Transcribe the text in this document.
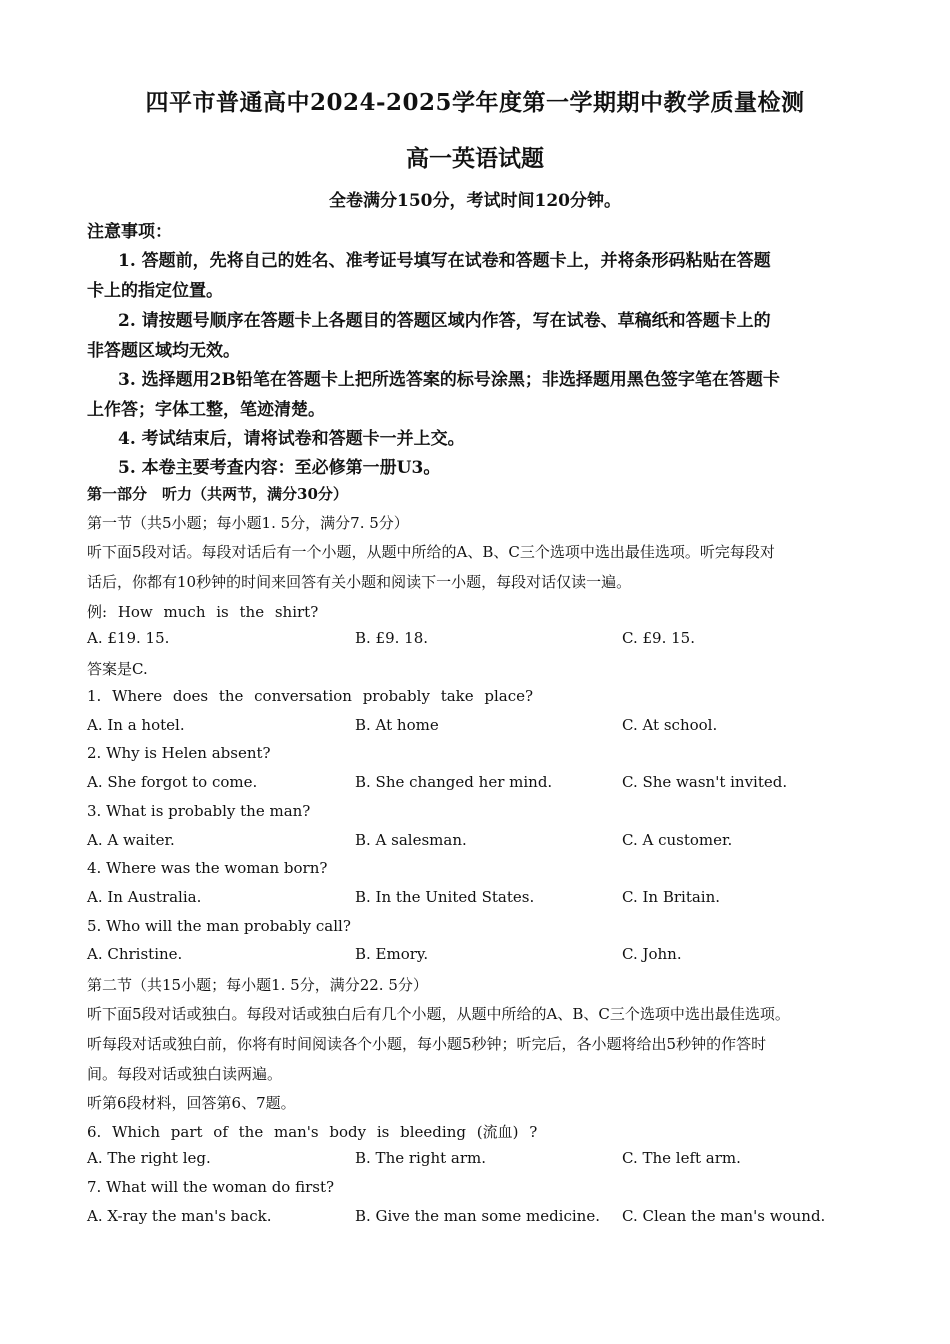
四平市普通高中2024-2025学年度第一学期期中教学质量检测
高一英语试题
全卷满分150分，考试时间120分钟。
注意事项：
1. 答题前，先将自己的姓名、准考证号填写在试卷和答题卡上，并将条形码粘贴在答题
卡上的指定位置。
2. 请按题号顺序在答题卡上各题目的答题区域内作答，写在试卷、草稿纸和答题卡上的
非答题区域均无效。
3. 选择题用2B铅笔在答题卡上把所选答案的标号涂黑；非选择题用黑色签字笔在答题卡
上作答；字体工整，笔迹清楚。
4. 考试结束后，请将试卷和答题卡一并上交。
5. 本卷主要考查内容：至必修第一册U3。
第一部分　听力（共两节，满分30分）
第一节（共5小题；每小题1. 5分，满分7. 5分）
听下面5段对话。每段对话后有一个小题，从题中所给的A、B、C三个选项中选出最佳选项。听完每段对
话后，你都有10秒钟的时间来回答有关小题和阅读下一小题，每段对话仅读一遍。
例: How much is the shirt?
A. £19. 15.	B. £9. 18.	C. £9. 15.
答案是C.
1. Where does the conversation probably take place?
A. In a hotel.	B. At home	C. At school.
2. Why is Helen absent?
A. She forgot to come.	B. She changed her mind.	C. She wasn't invited.
3. What is probably the man?
A. A waiter.	B. A salesman.	C. A customer.
4. Where was the woman born?
A. In Australia.	B. In the United States.	C. In Britain.
5. Who will the man probably call?
A. Christine.	B. Emory.	C. John.
第二节（共15小题；每小题1. 5分，满分22. 5分）
听下面5段对话或独白。每段对话或独白后有几个小题，从题中所给的A、B、C三个选项中选出最佳选项。
听每段对话或独白前，你将有时间阅读各个小题，每小题5秒钟；听完后，各小题将给出5秒钟的作答时
间。每段对话或独白读两遍。
听第6段材料，回答第6、7题。
6. Which part of the man's body is bleeding (流血) ?
A. The right leg.	B. The right arm.	C. The left arm.
7. What will the woman do first?
A. X-ray the man's back.	B. Give the man some medicine. C. Clean the man's wound.
